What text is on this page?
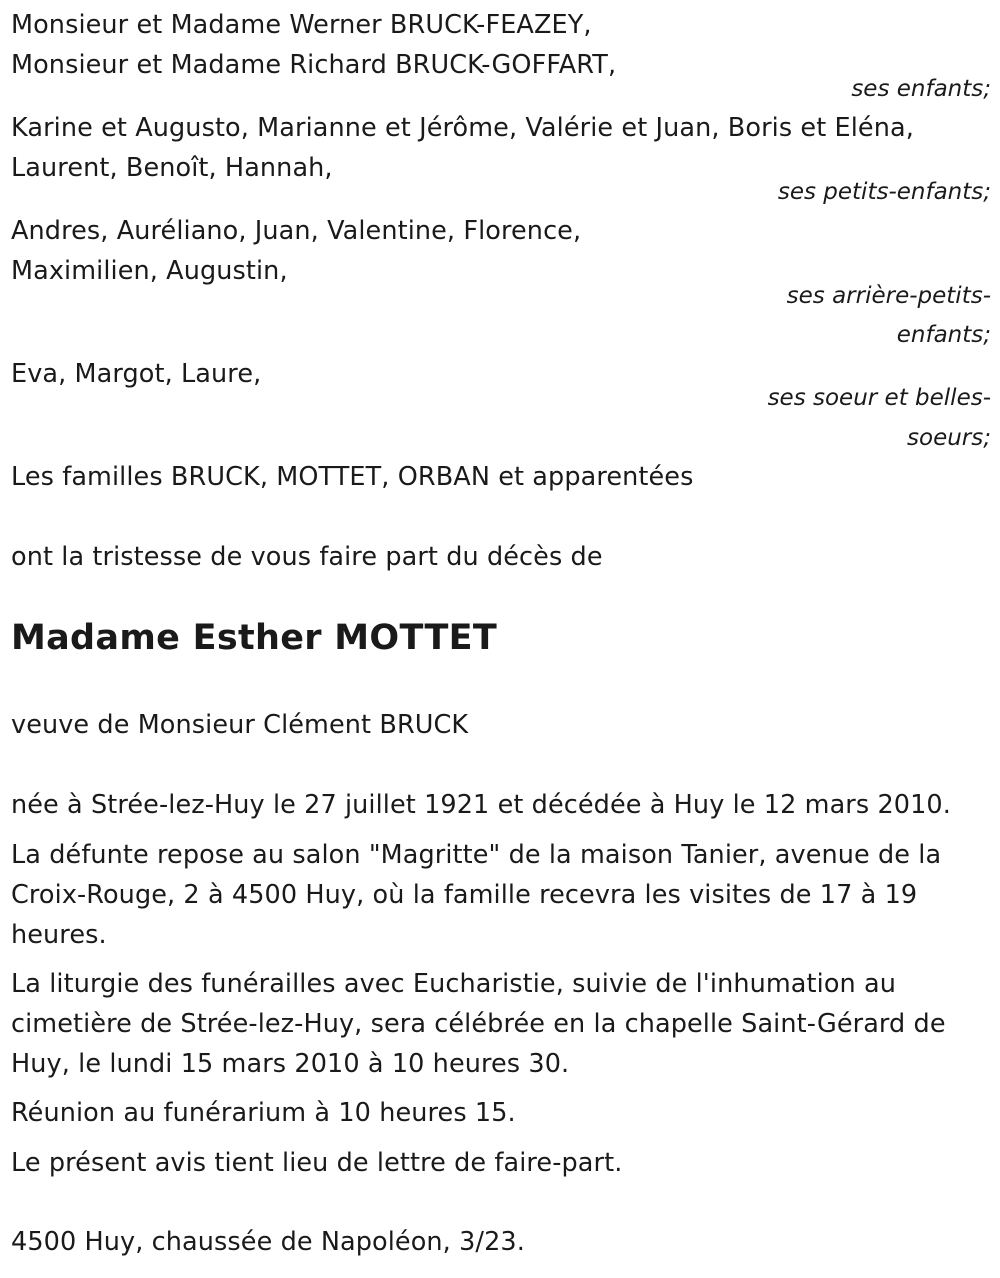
Monsieur et Madame Werner BRUCK-FEAZEY,
Monsieur et Madame Richard BRUCK-GOFFART,
ses enfants;
Karine et Augusto, Marianne et Jérôme, Valérie et Juan, Boris et Eléna,
Laurent, Benoît, Hannah,
ses petits-enfants;
Andres, Auréliano, Juan, Valentine, Florence,
Maximilien, Augustin,
ses arrière-petits-
enfants;
Eva, Margot, Laure,
ses soeur et belles-
soeurs;
Les familles BRUCK, MOTTET, ORBAN et apparentées
ont la tristesse de vous faire part du décès de
Madame Esther MOTTET
veuve de Monsieur Clément BRUCK
née à Strée-lez-Huy le 27 juillet 1921 et décédée à Huy le 12 mars 2010.
La défunte repose au salon "Magritte" de la maison Tanier, avenue de la
Croix-Rouge, 2 à 4500 Huy, où la famille recevra les visites de 17 à 19
heures.
La liturgie des funérailles avec Eucharistie, suivie de l'inhumation au
cimetière de Strée-lez-Huy, sera célébrée en la chapelle Saint-Gérard de
Huy, le lundi 15 mars 2010 à 10 heures 30.
Réunion au funérarium à 10 heures 15.
Le présent avis tient lieu de lettre de faire-part.
4500 Huy, chaussée de Napoléon, 3/23.
